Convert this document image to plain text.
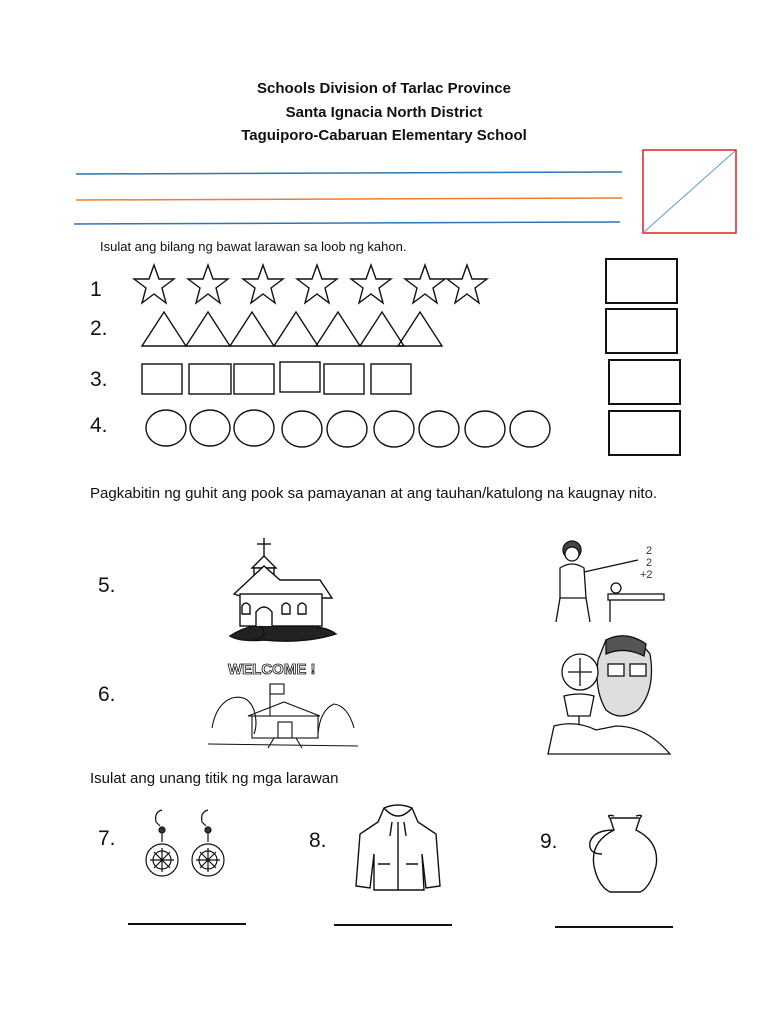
Schools Division of Tarlac Province
Santa Ignacia North District
Taguiporo-Cabaruan Elementary School
Isulat ang bilang ng bawat larawan sa loob ng kahon.
1
2.
3.
4.
Pagkabitin ng guhit ang pook sa pamayanan at ang tauhan/katulong na kaugnay nito.
5.
6.
2
2
+2
WELCOME !
Isulat ang unang titik ng mga larawan
7.	8.	9.
